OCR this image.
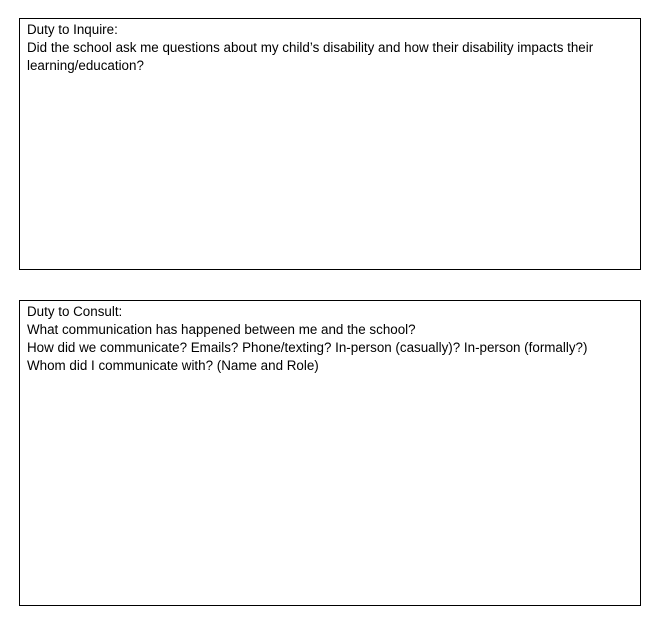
Duty to Inquire:
Did the school ask me questions about my child’s disability and how their disability impacts their learning/education?
Duty to Consult:
What communication has happened between me and the school?
How did we communicate? Emails? Phone/texting? In-person (casually)? In-person (formally?)
Whom did I communicate with? (Name and Role)
